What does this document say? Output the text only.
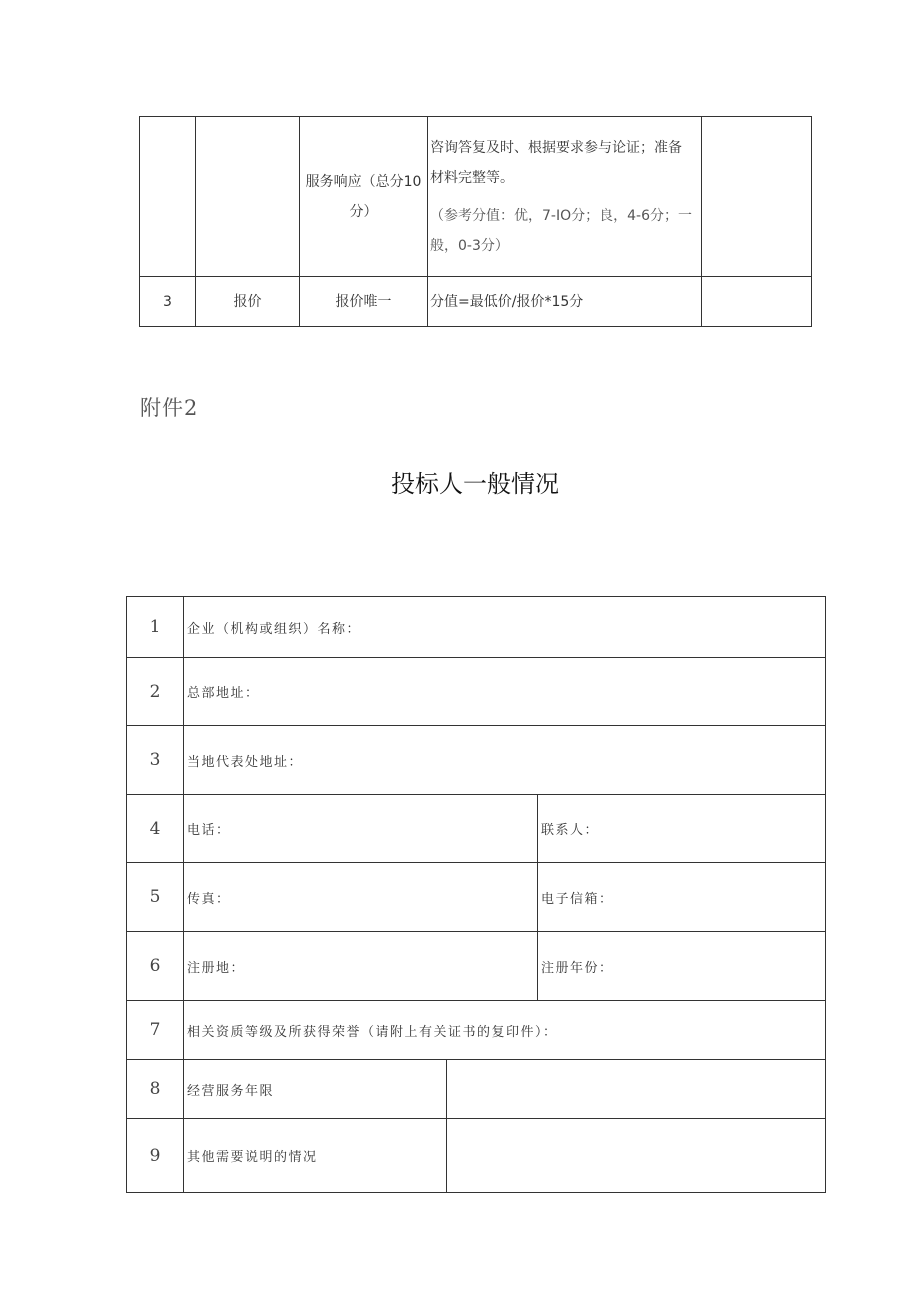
		服务响应（总分10分）	咨询答复及时、根据要求参与论证；准备材料完整等。

（参考分值：优，7-IO分；良，4-6分；一般，0-3分）	

3	报价	报价唯一	分值=最低价/报价*15分	
附件2
投标人一般情况
1	企业（机构或组织）名称：		
2	总部地址：		
3	当地代表处地址：		
4	电话：		联系人：
5	传真：		电子信箱：
6	注册地：		注册年份：
7	相关资质等级及所获得荣誉（请附上有关证书的复印件）：		
8	经营服务年限		
9	其他需要说明的情况		
